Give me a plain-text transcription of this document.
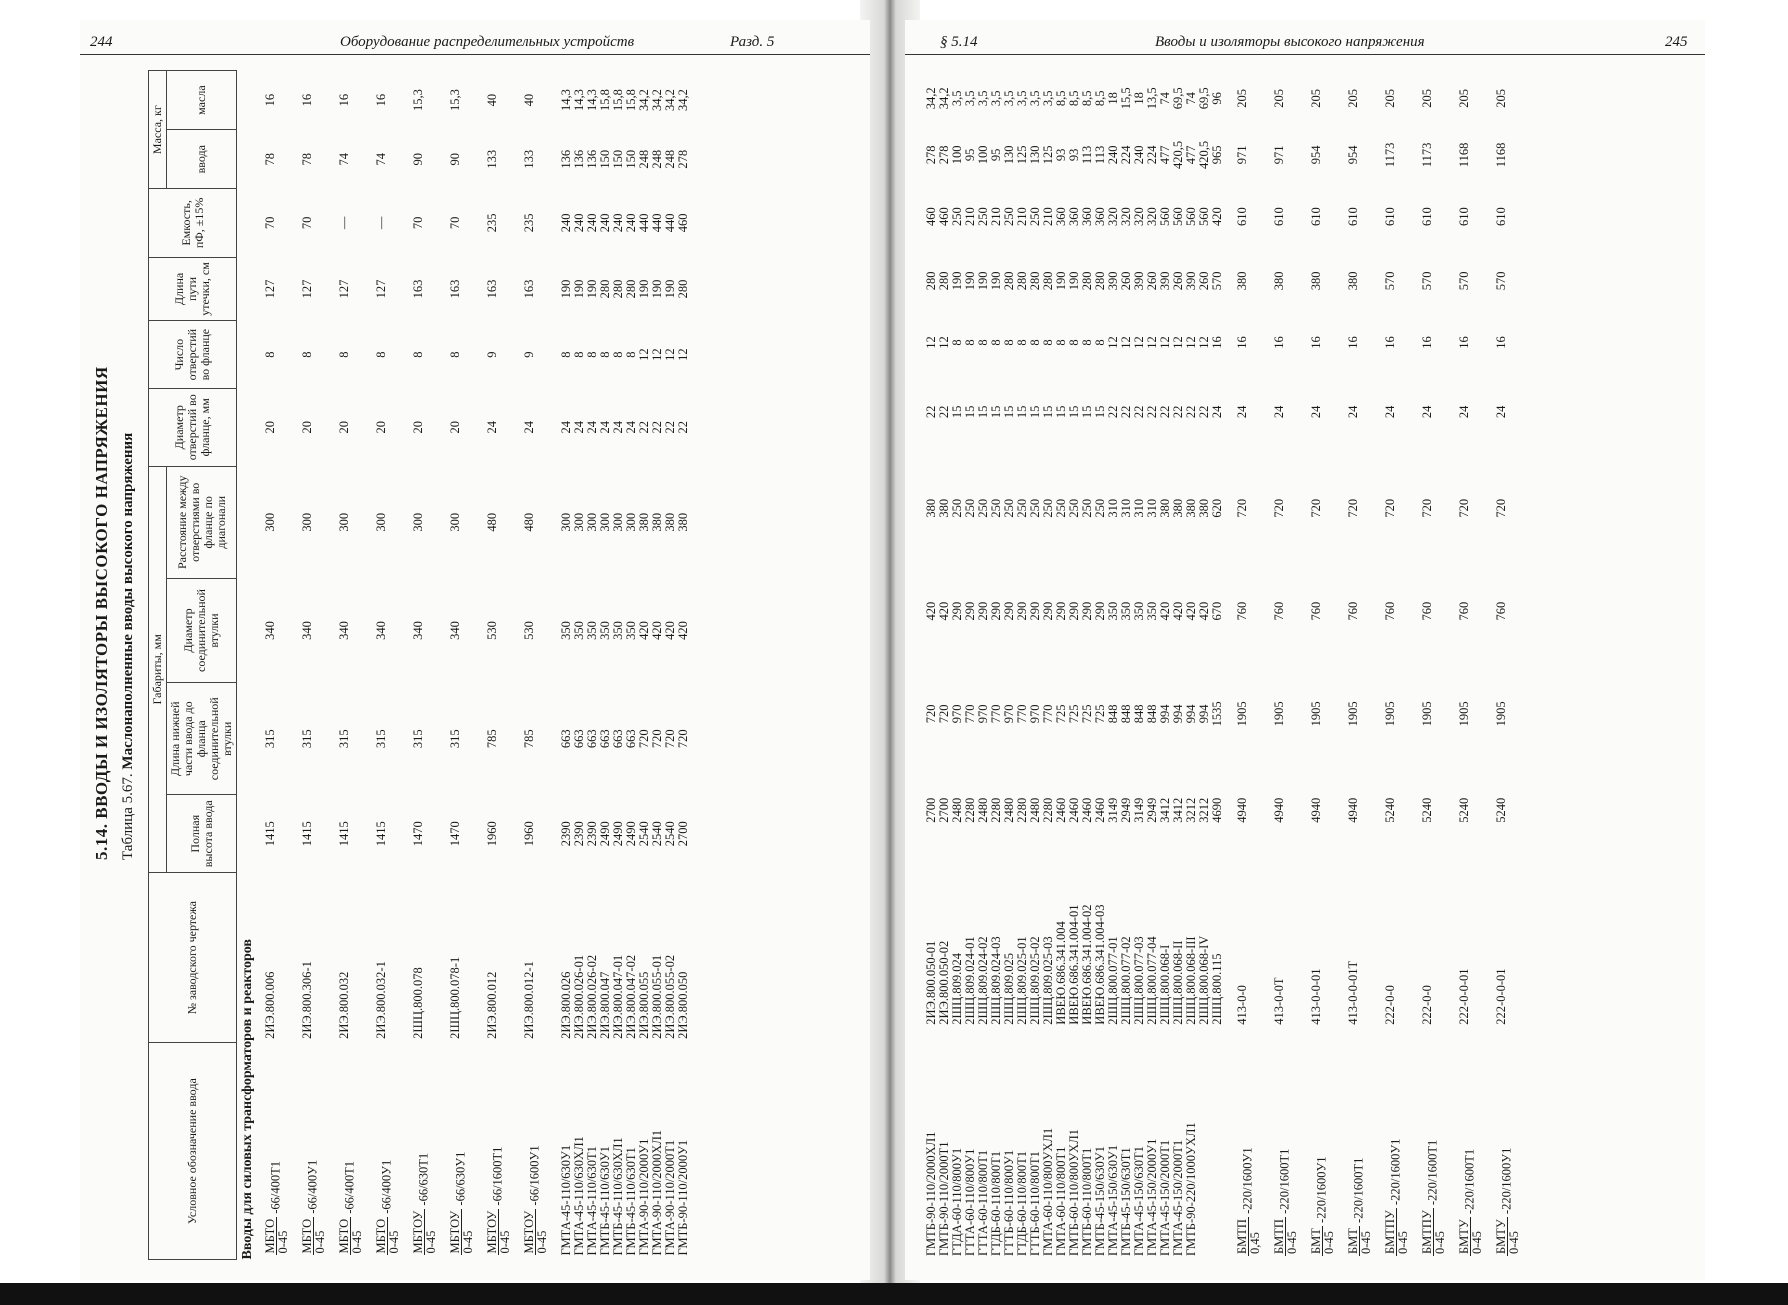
244	Оборудование распределительных устройств	Разд. 5
5.14. ВВОДЫ И ИЗОЛЯТОРЫ ВЫСОКОГО НАПРЯЖЕНИЯ Таблица 5.67. Маслонаполненные вводы высокого напряжения
Условное обозначение ввода	№ заводского чертежа	Габариты, мм				Диаметр отверстий во фланце, мм	Число отверстий во фланце	Длина пути утечки, см	Емкость, пФ, ±15%	Масса, кг	
		Полная высота ввода	Длина нижней части ввода до фланца соединительной втулки	Диаметр соединительной втулки	Расстояние между отверстиями во фланце по диагонали					ввода	масла
Вводы для силовых трансформаторов и реакторов											

МБТО 0-45
-66/400Т1	2ИЭ.800.006	1415	315	340	300	20	8	127	70	78	16

МБТО 0-45
-66/400У1	2ИЭ.800.306-1	1415	315	340	300	20	8	127	70	78	16

МБТО 0-45
-66/400Т1	2ИЭ.800.032	1415	315	340	300	20	8	127	—	74	16

МБТО 0-45
-66/400У1	2ИЭ.800.032-1	1415	315	340	300	20	8	127	—	74	16

МБТОУ 0-45
-66/630Т1	2ШЦ.800.078	1470	315	340	300	20	8	163	70	90	15,3

МБТОУ 0-45
-66/630У1	2ШЦ.800.078-1	1470	315	340	300	20	8	163	70	90	15,3

МБТОУ 0-45
-66/1600Т1	2ИЭ.800.012	1960	785	530	480	24	9	163	235	133	40

МБТОУ 0-45
-66/1600У1	2ИЭ.800.012-1	1960	785	530	480	24	9	163	235	133	40

ГМТА-45-110/630У1	2ИЭ.800.026	2390	663	350	300	24	8	190	240	136	14,3
ГМТА-45-110/630ХЛ1	2ИЭ.800.026-01	2390	663	350	300	24	8	190	240	136	14,3
ГМТА-45-110/630Т1	2ИЭ.800.026-02	2390	663	350	300	24	8	190	240	136	14,3
ГМТБ-45-110/630У1	2ИЭ.800.047	2490	663	350	300	24	8	280	240	150	15,8
ГМТБ-45-110/630ХЛ1	2ИЭ.800.047-01	2490	663	350	300	24	8	280	240	150	15,8
ГМТБ-45-110/630Т1	2ИЭ.800.047-02	2490	663	350	300	24	8	280	240	150	15,8
ГМТА-90-110/2000У1	2ИЭ.800.055	2540	720	420	380	22	12	190	440	248	34,2
ГМТА-90-110/2000ХЛ1	2ИЭ.800.055-01	2540	720	420	380	22	12	190	440	248	34,2
ГМТА-90-110/2000Т1	2ИЭ.800.055-02	2540	720	420	380	22	12	190	440	248	34,2
ГМТБ-90-110/2000У1	2ИЭ.800.050	2700	720	420	380	22	12	280	460	278	34,2
§ 5.14	Вводы и изоляторы высокого напряжения	245
ГМТБ-90-110/2000ХЛ1	2ИЭ.800.050-01	2700	720	420	380	22	12	280	460	278	34,2
ГМТБ-90-110/2000Т1	2ИЭ.800.050-02	2700	720	420	380	22	12	280	460	278	34,2
ГТДА-60-110/800У1	2ШЦ.809.024	2480	970	290	250	15	8	190	250	100	3,5
ГТТА-60-110/800У1	2ШЦ.809.024-01	2280	770	290	250	15	8	190	210	95	3,5
ГТТА-60-110/800Т1	2ШЦ.809.024-02	2480	970	290	250	15	8	190	250	100	3,5
ГТДБ-60-110/800Т1	2ШЦ.809.024-03	2280	770	290	250	15	8	190	210	95	3,5
ГТТБ-60-110/800У1	2ШЦ.809.025	2480	970	290	250	15	8	280	250	130	3,5
ГТДБ-60-110/800Т1	2ШЦ.809.025-01	2280	770	290	250	15	8	280	210	125	3,5
ГТТБ-60-110/800Т1	2ШЦ.809.025-02	2480	970	290	250	15	8	280	250	130	3,5
ГМТА-60-110/800УХЛ1	2ШЦ.809.025-03	2280	770	290	250	15	8	280	210	125	3,5
ГМТА-60-110/800Т1	ИВЕЮ.686.341.004	2460	725	290	250	15	8	190	360	93	8,5
ГМТБ-60-110/800УХЛ1	ИВЕЮ.686.341.004-01	2460	725	290	250	15	8	190	360	93	8,5
ГМТБ-60-110/800Т1	ИВЕЮ.686.341.004-02	2460	725	290	250	15	8	280	360	113	8,5
ГМТБ-45-150/630У1	ИВЕЮ.686.341.004-03	2460	725	290	250	15	8	280	360	113	8,5
ГМТА-45-150/630У1	2ШЦ.800.077-01	3149	848	350	310	22	12	390	320	240	18
ГМТБ-45-150/630Т1	2ШЦ.800.077-02	2949	848	350	310	22	12	260	320	224	15,5
ГМТА-45-150/630Т1	2ШЦ.800.077-03	3149	848	350	310	22	12	390	320	240	18
ГМТА-45-150/2000У1	2ШЦ.800.077-04	2949	848	350	310	22	12	260	320	224	13,5
ГМТА-45-150/2000Т1	2ШЦ.800.068-I	3412	994	420	380	22	12	390	560	477	74
ГМТА-45-150/2000Т1	2ШЦ.800.068-II	3412	994	420	380	22	12	260	560	420,5	69,5
ГМТБ-90-220/1000УХЛ1	2ШЦ.800.068-III	3212	994	420	380	22	12	390	560	477	74
	2ШЦ.800.068-IV	3212	994	420	380	22	12	260	560	420,5	69,5
	2ШЦ.800.115	4690	1535	670	620	24	16	570	420	965	96

БМТП 0,45
-220/1600У1	413-0-0	4940	1905	760	720	24	16	380	610	971	205

БМТП 0-45
-220/1600Т1	413-0-0Т	4940	1905	760	720	24	16	380	610	971	205

БМТ 0-45
-220/1600У1	413-0-0-01	4940	1905	760	720	24	16	380	610	954	205

БМТ 0-45
-220/1600Т1	413-0-0-01Т	4940	1905	760	720	24	16	380	610	954	205

БМТПУ 0-45
-220/1600У1	222-0-0	5240	1905	760	720	24	16	570	610	1173	205

БМТПУ 0-45
-220/1600Т1	222-0-0	5240	1905	760	720	24	16	570	610	1173	205

БМТУ 0-45
-220/1600Т1	222-0-0-01	5240	1905	760	720	24	16	570	610	1168	205

БМТУ 0-45
-220/1600У1	222-0-0-01	5240	1905	760	720	24	16	570	610	1168	205
